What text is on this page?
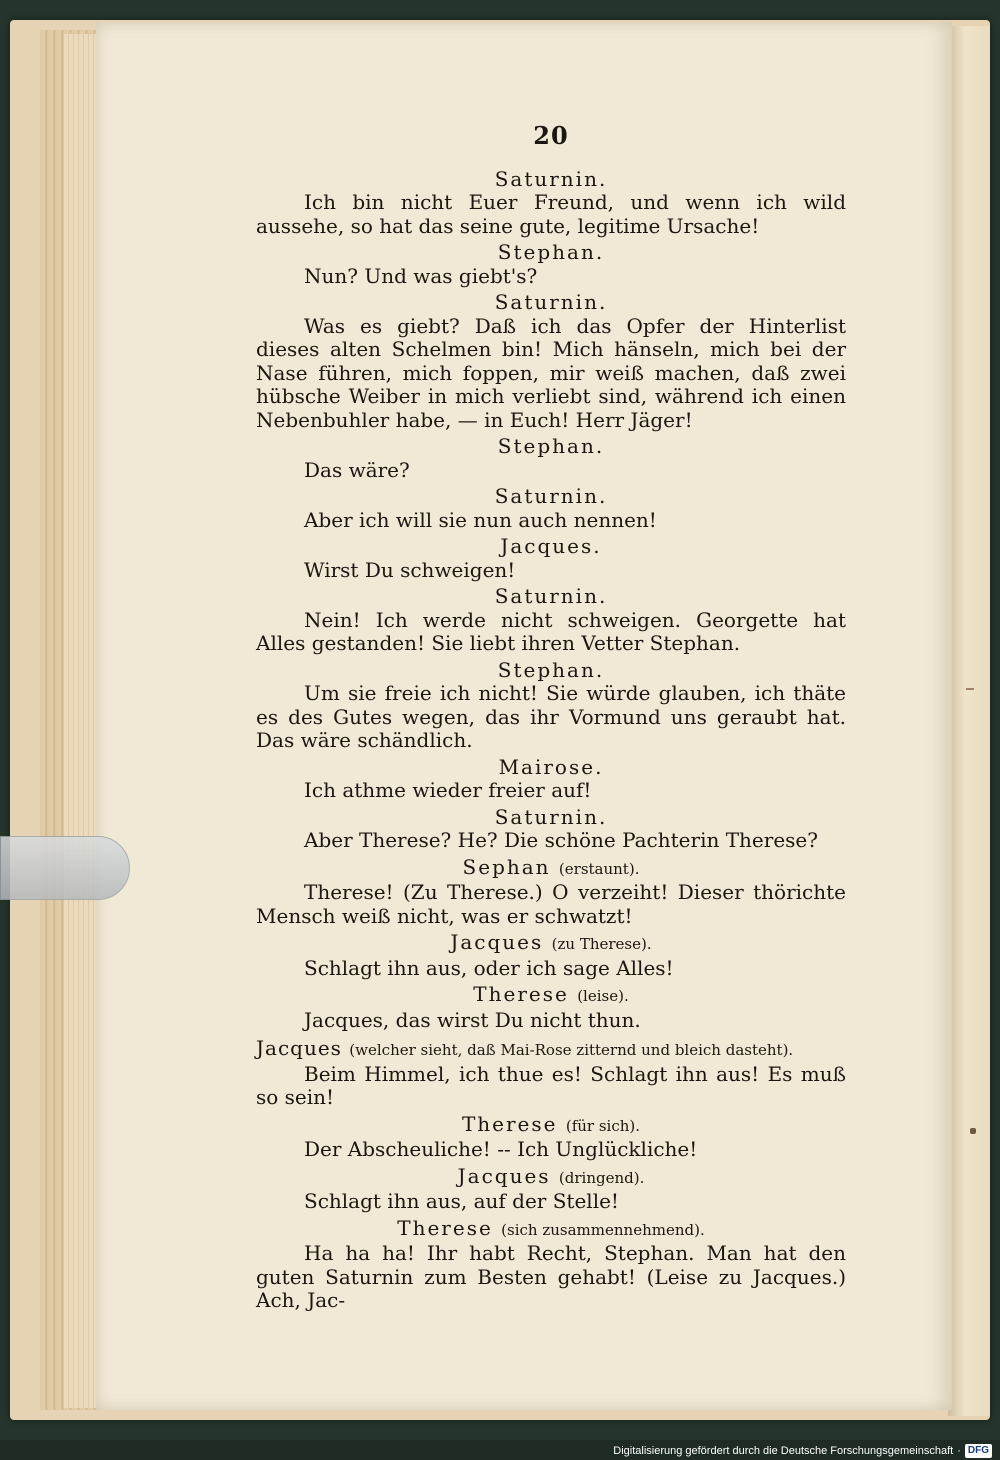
20
Saturnin.
Ich bin nicht Euer Freund, und wenn ich wild aussehe, so hat das seine gute, legitime Ursache!
Stephan.
Nun? Und was giebt's?
Saturnin.
Was es giebt? Daß ich das Opfer der Hinterlist dieses alten Schelmen bin! Mich hänseln, mich bei der Nase führen, mich foppen, mir weiß machen, daß zwei hübsche Weiber in mich verliebt sind, während ich einen Nebenbuhler habe, — in Euch! Herr Jäger!
Stephan.
Das wäre?
Saturnin.
Aber ich will sie nun auch nennen!
Jacques.
Wirst Du schweigen!
Saturnin.
Nein! Ich werde nicht schweigen. Georgette hat Alles gestanden! Sie liebt ihren Vetter Stephan.
Stephan.
Um sie freie ich nicht! Sie würde glauben, ich thäte es des Gutes wegen, das ihr Vormund uns geraubt hat. Das wäre schändlich.
Mairose.
Ich athme wieder freier auf!
Saturnin.
Aber Therese? He? Die schöne Pachterin Therese?
Sephan (erstaunt).
Therese! (Zu Therese.) O verzeiht! Dieser thörichte Mensch weiß nicht, was er schwatzt!
Jacques (zu Therese).
Schlagt ihn aus, oder ich sage Alles!
Therese (leise).
Jacques, das wirst Du nicht thun.
Jacques (welcher sieht, daß Mai-Rose zitternd und bleich dasteht).
Beim Himmel, ich thue es! Schlagt ihn aus! Es muß so sein!
Therese (für sich).
Der Abscheuliche! -- Ich Unglückliche!
Jacques (dringend).
Schlagt ihn aus, auf der Stelle!
Therese (sich zusammennehmend).
Ha ha ha! Ihr habt Recht, Stephan. Man hat den guten Saturnin zum Besten gehabt! (Leise zu Jacques.) Ach, Jac-
Digitalisierung gefördert durch die Deutsche Forschungsgemeinschaft · DFG
